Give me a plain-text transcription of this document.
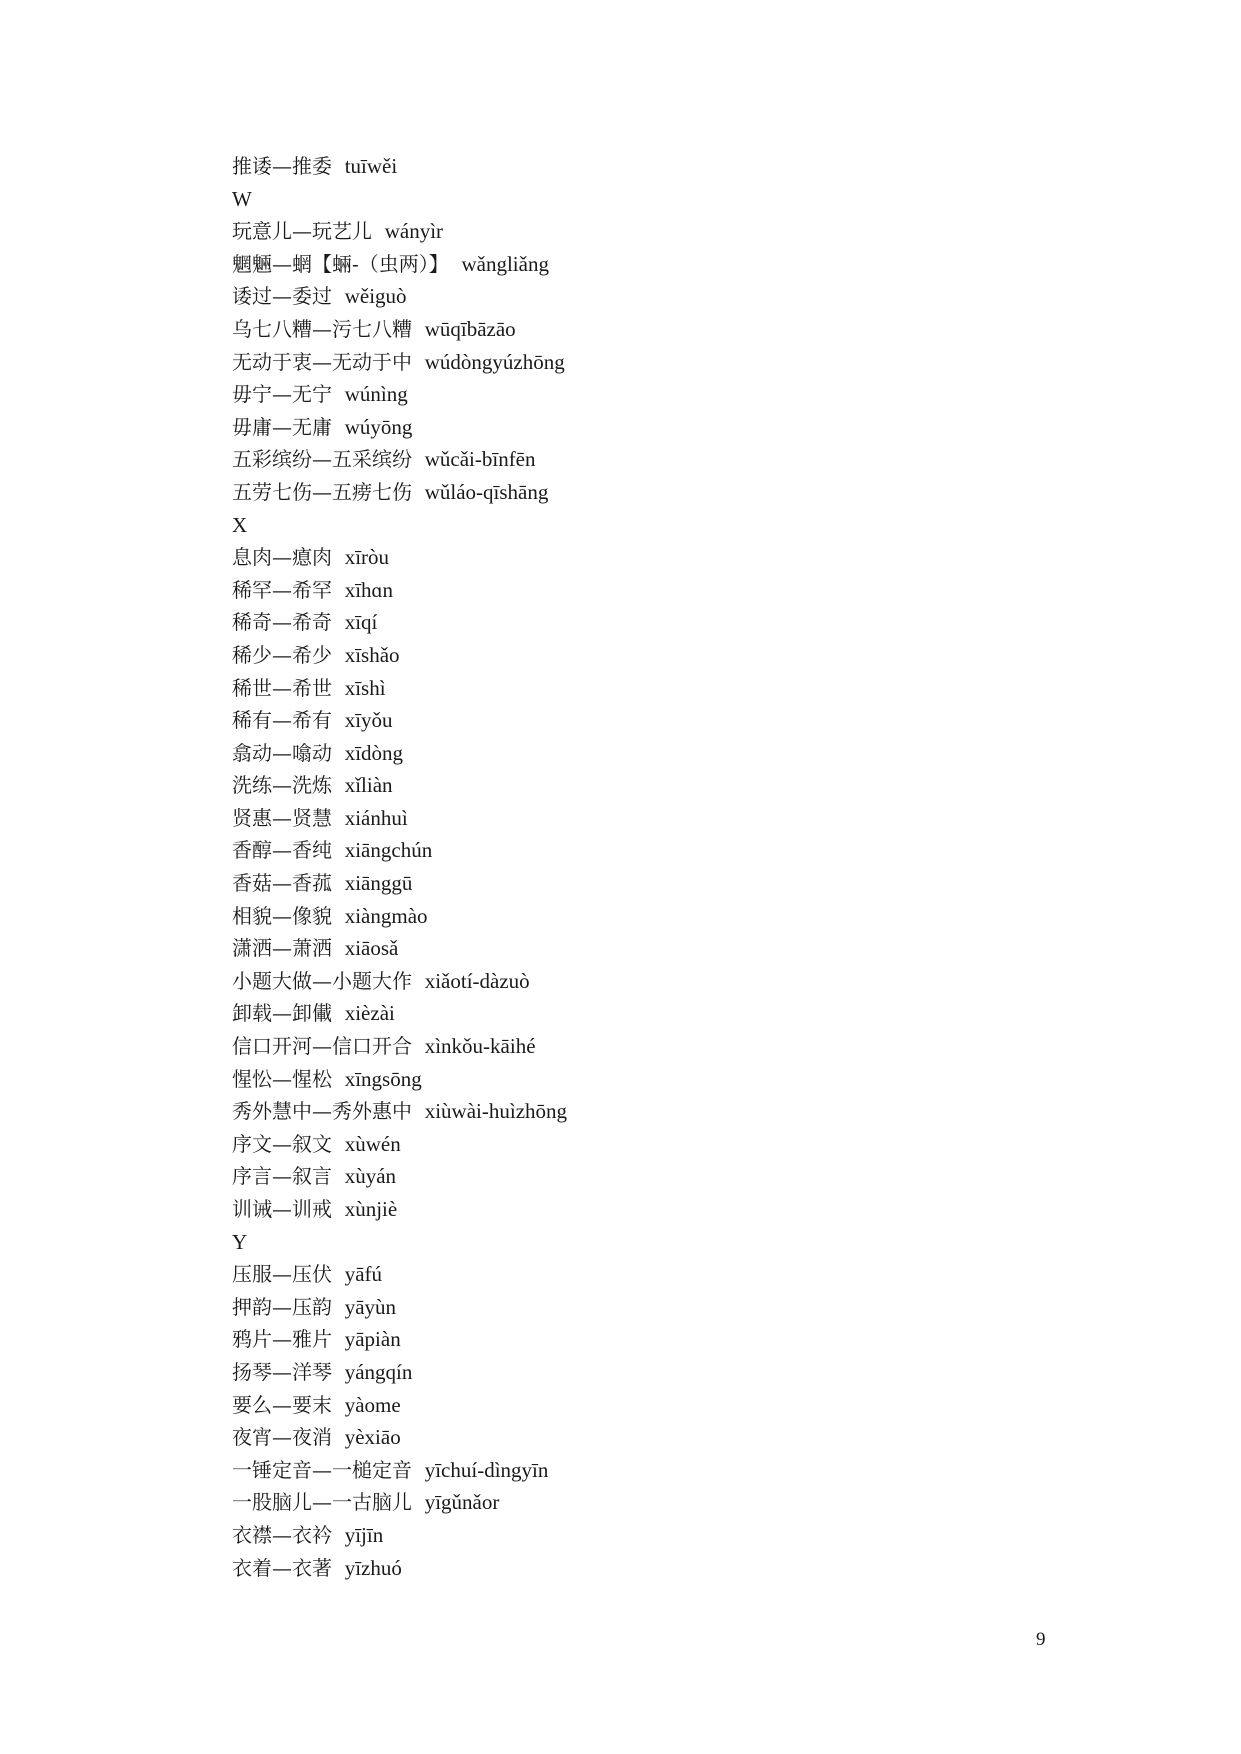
推诿—推委 tuīwěi
W
玩意儿—玩艺儿 wányìr
魍魎—蝄【蜽-（虫两）】 wǎngliǎng
诿过—委过 wěiguò
乌七八糟—污七八糟 wūqībāzāo
无动于衷—无动于中 wúdòngyúzhōng
毋宁—无宁 wúnìng
毋庸—无庸 wúyōng
五彩缤纷—五采缤纷 wǔcǎi-bīnfēn
五劳七伤—五痨七伤 wǔláo-qīshāng
X
息肉—瘜肉 xīròu
稀罕—希罕 xīhɑn
稀奇—希奇 xīqí
稀少—希少 xīshǎo
稀世—希世 xīshì
稀有—希有 xīyǒu
翕动—噏动 xīdòng
洗练—洗炼 xǐliàn
贤惠—贤慧 xiánhuì
香醇—香纯 xiāngchún
香菇—香菰 xiānggū
相貌—像貌 xiàngmào
潇洒—萧洒 xiāosǎ
小题大做—小题大作 xiǎotí-dàzuò
卸载—卸儎 xièzài
信口开河—信口开合 xìnkǒu-kāihé
惺忪—惺松 xīngsōng
秀外慧中—秀外惠中 xiùwài-huìzhōng
序文—叙文 xùwén
序言—叙言 xùyán
训诫—训戒 xùnjiè
Y
压服—压伏 yāfú
押韵—压韵 yāyùn
鸦片—雅片 yāpiàn
扬琴—洋琴 yángqín
要么—要末 yàome
夜宵—夜消 yèxiāo
一锤定音—一槌定音 yīchuí-dìngyīn
一股脑儿—一古脑儿 yīgǔnǎor
衣襟—衣衿 yījīn
衣着—衣著 yīzhuó
9
